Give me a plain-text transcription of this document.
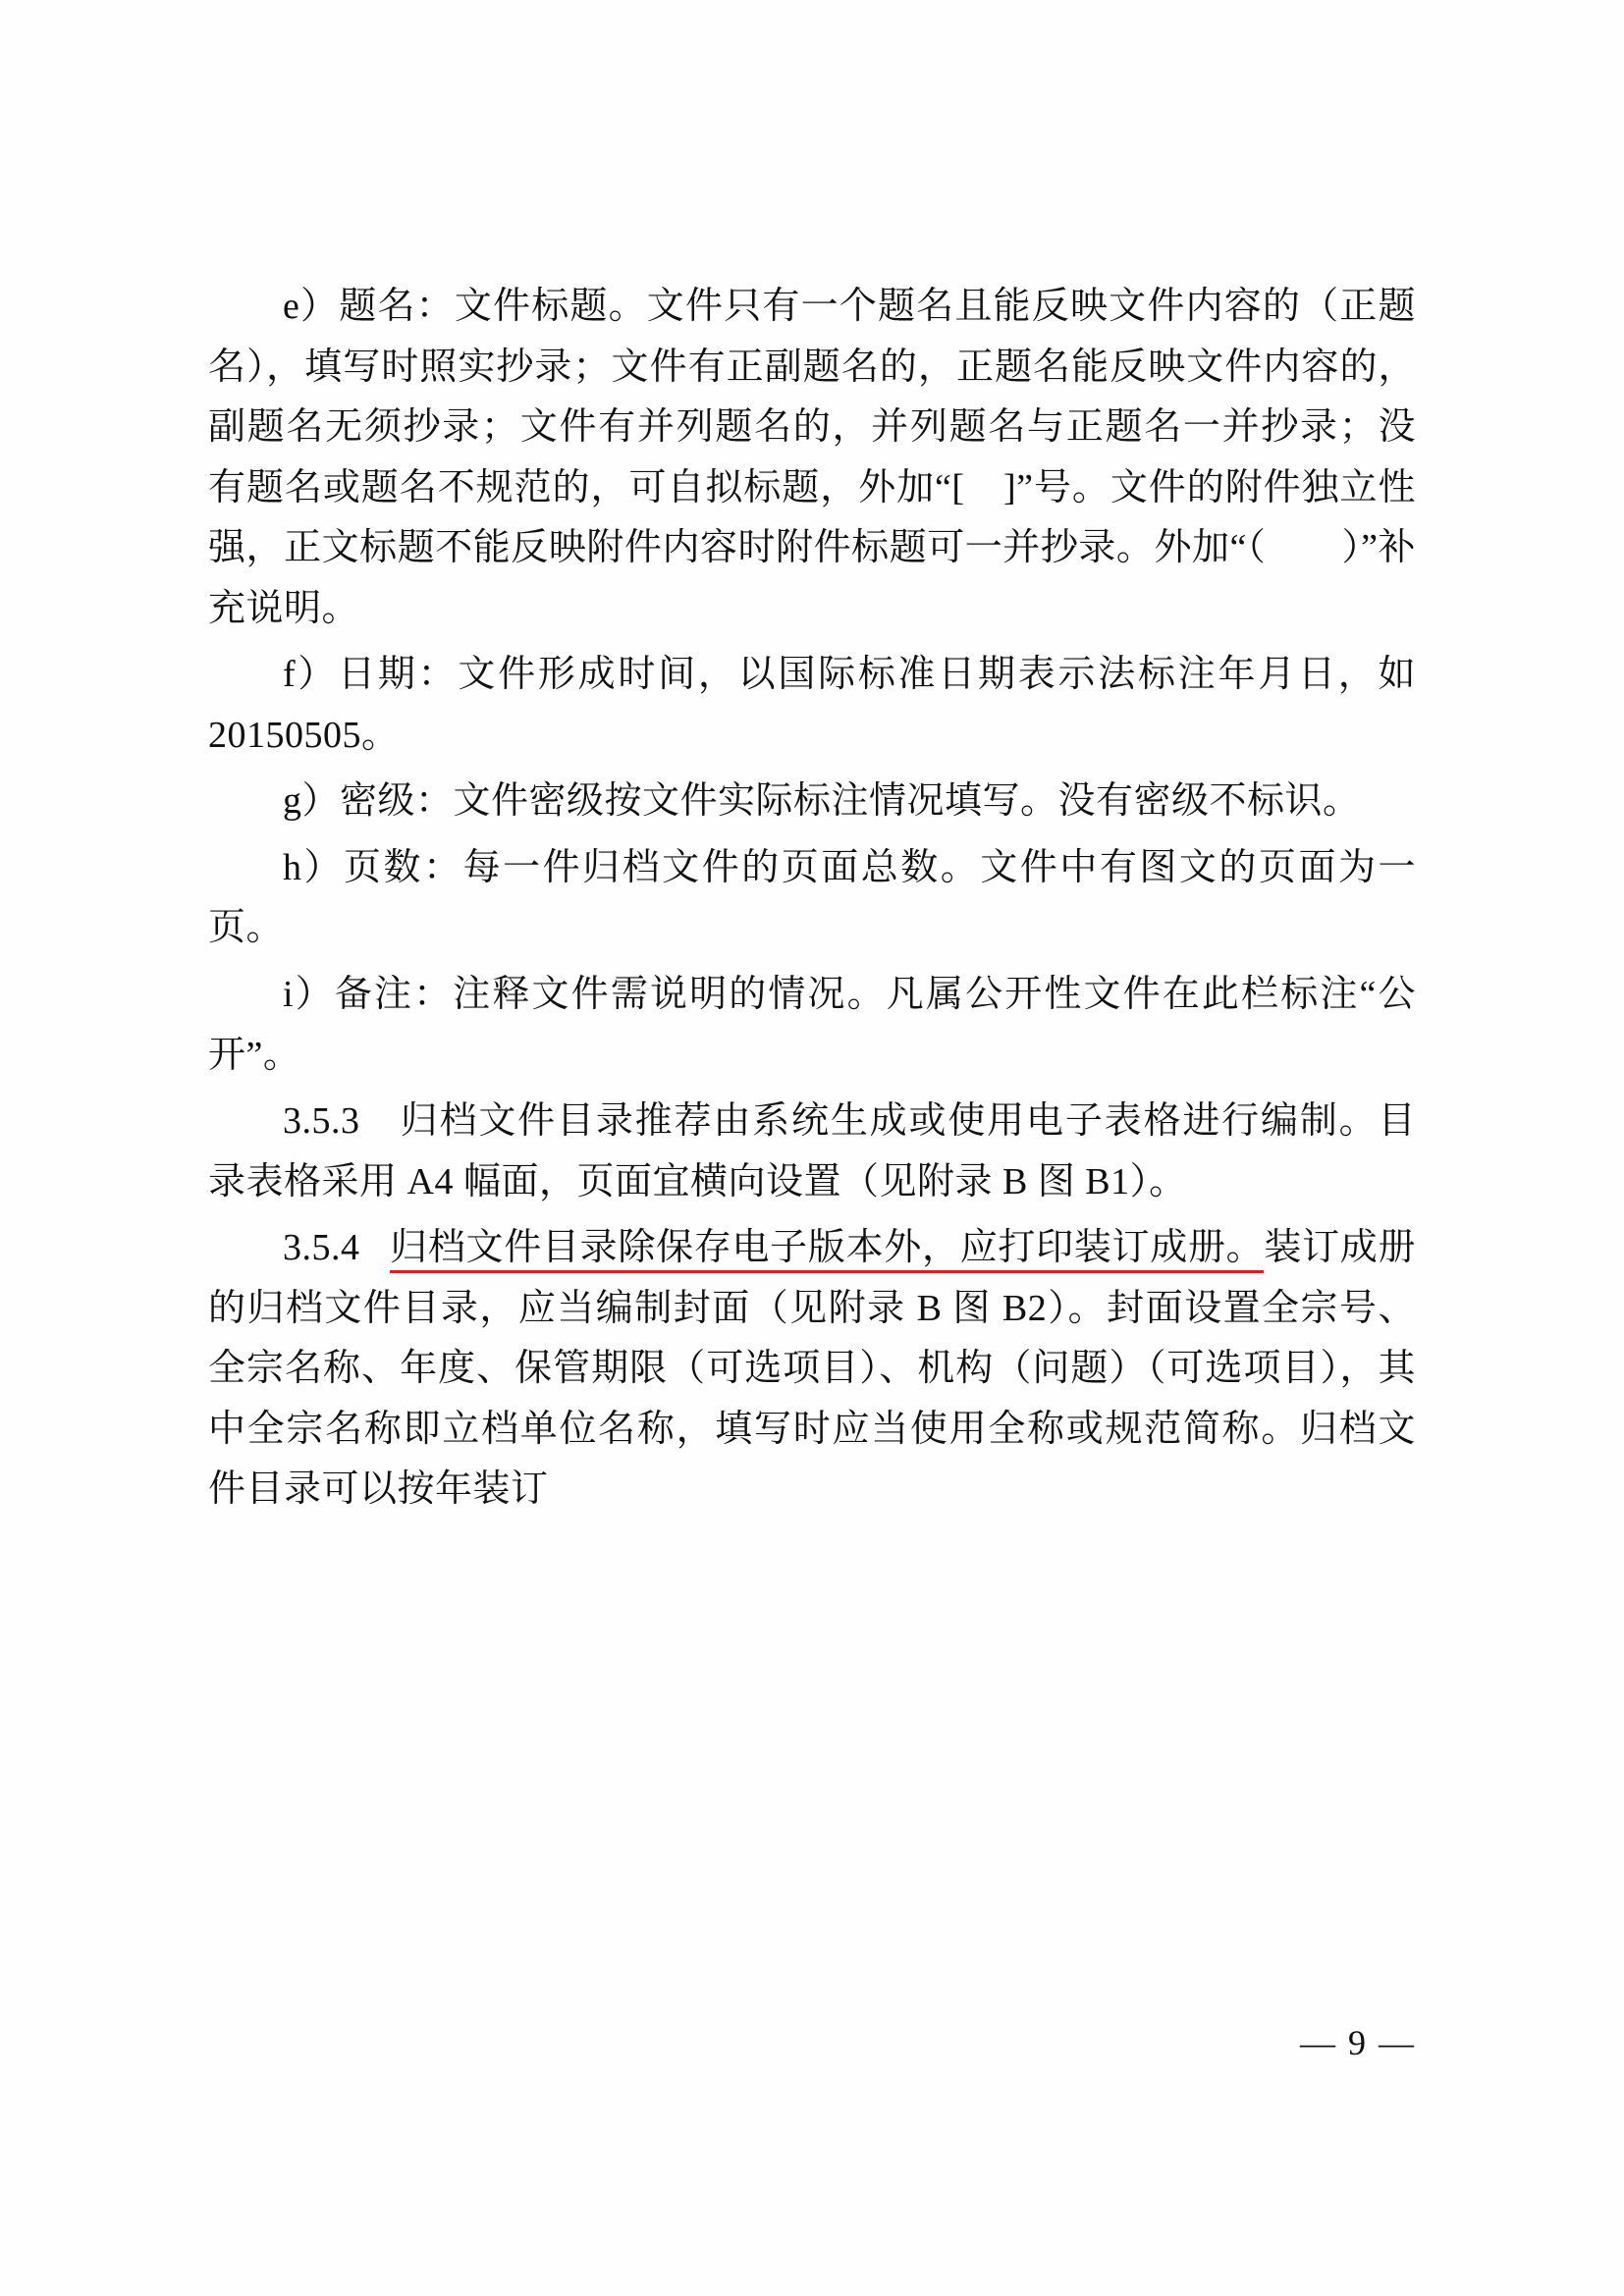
e）题名：文件标题。文件只有一个题名且能反映文件内容的（正题名），填写时照实抄录；文件有正副题名的，正题名能反映文件内容的，副题名无须抄录；文件有并列题名的，并列题名与正题名一并抄录；没有题名或题名不规范的，可自拟标题，外加“[　]”号。文件的附件独立性强，正文标题不能反映附件内容时附件标题可一并抄录。外加“（　　）”补充说明。

f）日期：文件形成时间，以国际标准日期表示法标注年月日，如 20150505。

g）密级：文件密级按文件实际标注情况填写。没有密级不标识。

h）页数：每一件归档文件的页面总数。文件中有图文的页面为一页。

i）备注：注释文件需说明的情况。凡属公开性文件在此栏标注“公开”。

3.5.3　归档文件目录推荐由系统生成或使用电子表格进行编制。目录表格采用 A4 幅面，页面宜横向设置（见附录 B 图 B1）。

3.5.4 归档文件目录除保存电子版本外，应打印装订成册。装订成册的归档文件目录，应当编制封面（见附录 B 图 B2）。封面设置全宗号、全宗名称、年度、保管期限（可选项目）、机构（问题）（可选项目），其中全宗名称即立档单位名称，填写时应当使用全称或规范简称。归档文件目录可以按年装订

— 9 —
